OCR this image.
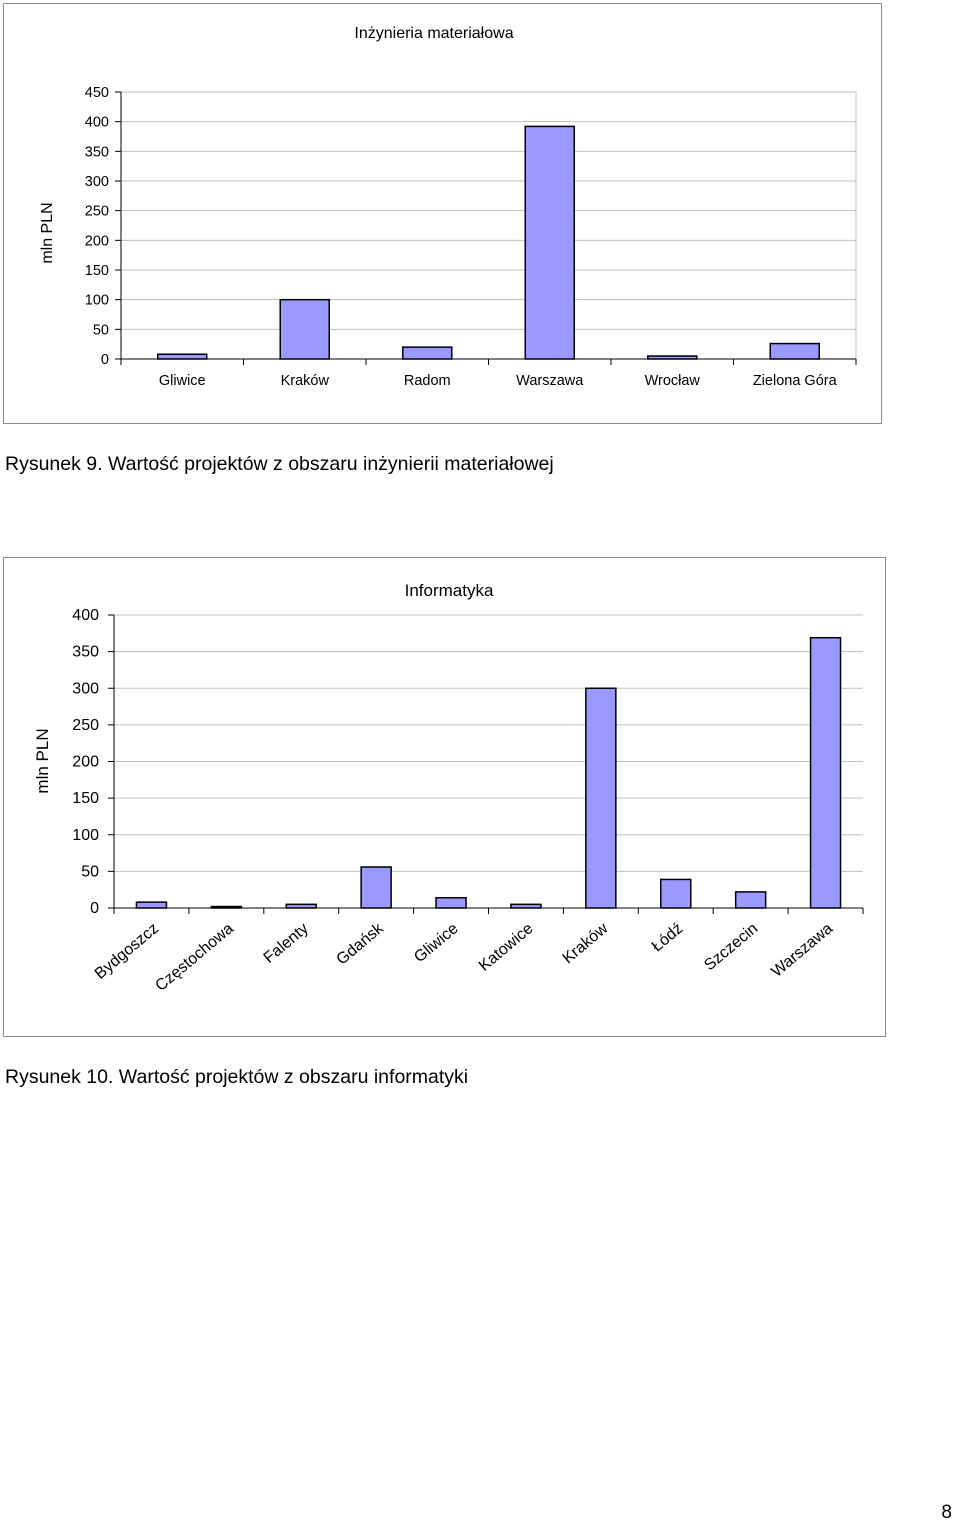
Inżynieria materiałowa
mln PLN
0
50
100
150
200
250
300
350
400
450
Gliwice	Kraków	Radom	Warszawa	Wrocław	Zielona Góra
Rysunek 9. Wartość projektów z obszaru inżynierii materiałowej
Informatyka
mln PLN
0
50
100
150
200
250
300
350
400
Bydgoszcz
Częstochowa Falenty Gdańsk Gliwice Katowice Kraków Łódź Szczecin Warszawa
Rysunek 10. Wartość projektów z obszaru informatyki
8
